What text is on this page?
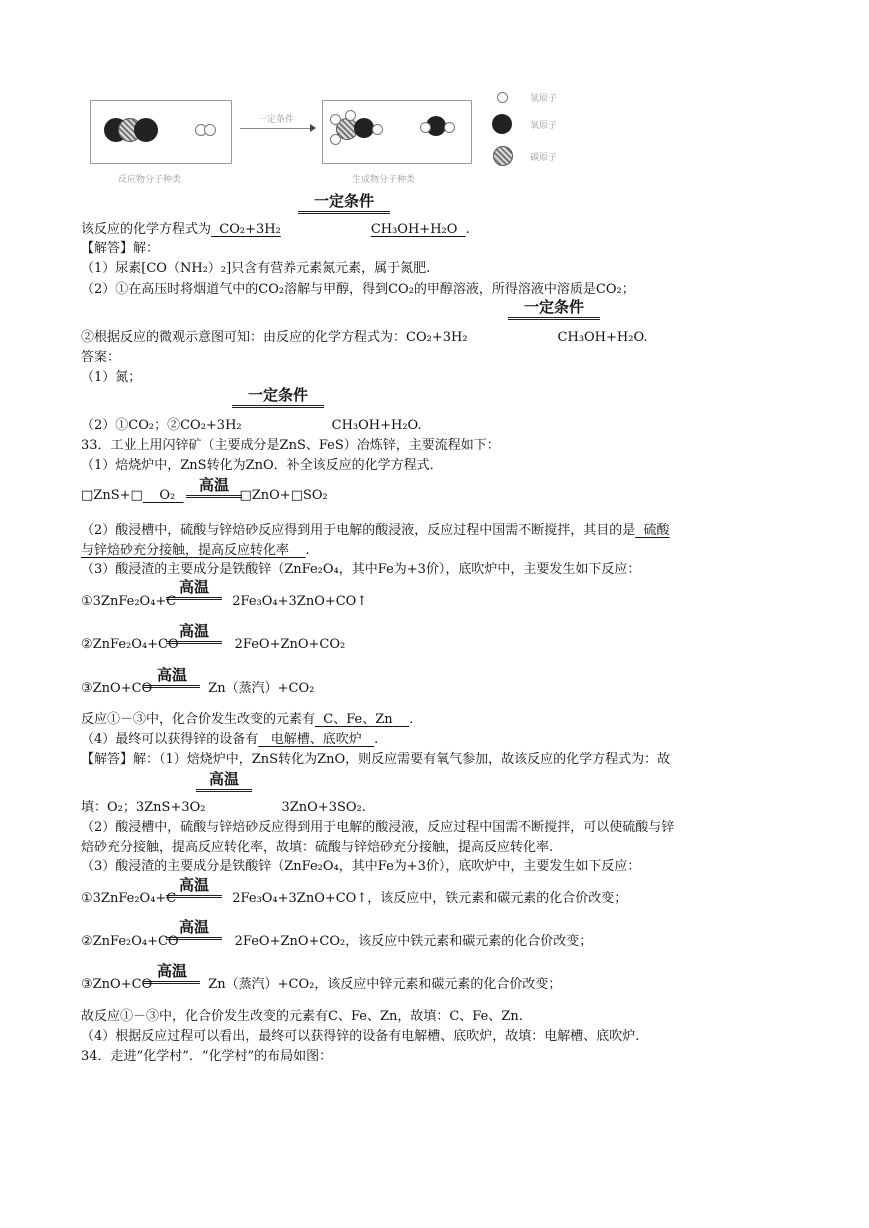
反应物分子种类
一定条件
生成物分子种类
氢原子
氧原子
碳原子
一定条件
该反应的化学方程式为 CO₂+3H₂	CH₃OH+H₂O .
【解答】解：
（1）尿素[CO（NH₂）₂]只含有营养元素氮元素，属于氮肥.
（2）①在高压时将烟道气中的CO₂溶解与甲醇，得到CO₂的甲醇溶液，所得溶液中溶质是CO₂；
一定条件
②根据反应的微观示意图可知：由反应的化学方程式为：CO₂+3H₂	CH₃OH+H₂O.
答案：
（1）氮；
一定条件
（2）①CO₂；②CO₂+3H₂	CH₃OH+H₂O.
33．工业上用闪锌矿（主要成分是ZnS、FeS）冶炼锌，主要流程如下：
（1）焙烧炉中，ZnS转化为ZnO．补全该反应的化学方程式．
高温
□ZnS+□ O₂	□ZnO+□SO₂
（2）酸浸槽中，硫酸与锌焙砂反应得到用于电解的酸浸液，反应过程中国需不断搅拌，其目的是 硫酸
与锌焙砂充分接触，提高反应转化率 .
（3）酸浸渣的主要成分是铁酸锌（ZnFe₂O₄，其中Fe为+3价），底吹炉中，主要发生如下反应：
高温
①3ZnFe₂O₄+C	2Fe₃O₄+3ZnO+CO↑
高温
②ZnFe₂O₄+CO	2FeO+ZnO+CO₂
高温
③ZnO+CO	Zn（蒸汽）+CO₂
反应①－③中，化合价发生改变的元素有 C、Fe、Zn .
（4）最终可以获得锌的设备有 电解槽、底吹炉 .
【解答】解：（1）焙烧炉中，ZnS转化为ZnO，则反应需要有氧气参加，故该反应的化学方程式为：故
高温
填：O₂；3ZnS+3O₂	3ZnO+3SO₂.
（2）酸浸槽中，硫酸与锌焙砂反应得到用于电解的酸浸液，反应过程中国需不断搅拌，可以使硫酸与锌
焙砂充分接触，提高反应转化率，故填：硫酸与锌焙砂充分接触，提高反应转化率.
（3）酸浸渣的主要成分是铁酸锌（ZnFe₂O₄，其中Fe为+3价），底吹炉中，主要发生如下反应：
高温
①3ZnFe₂O₄+C	2Fe₃O₄+3ZnO+CO↑，该反应中，铁元素和碳元素的化合价改变；
高温
②ZnFe₂O₄+CO	2FeO+ZnO+CO₂，该反应中铁元素和碳元素的化合价改变；
高温
③ZnO+CO	Zn（蒸汽）+CO₂，该反应中锌元素和碳元素的化合价改变；
故反应①－③中，化合价发生改变的元素有C、Fe、Zn，故填：C、Fe、Zn.
（4）根据反应过程可以看出，最终可以获得锌的设备有电解槽、底吹炉，故填：电解槽、底吹炉.
34．走进“化学村”．“化学村”的布局如图：
